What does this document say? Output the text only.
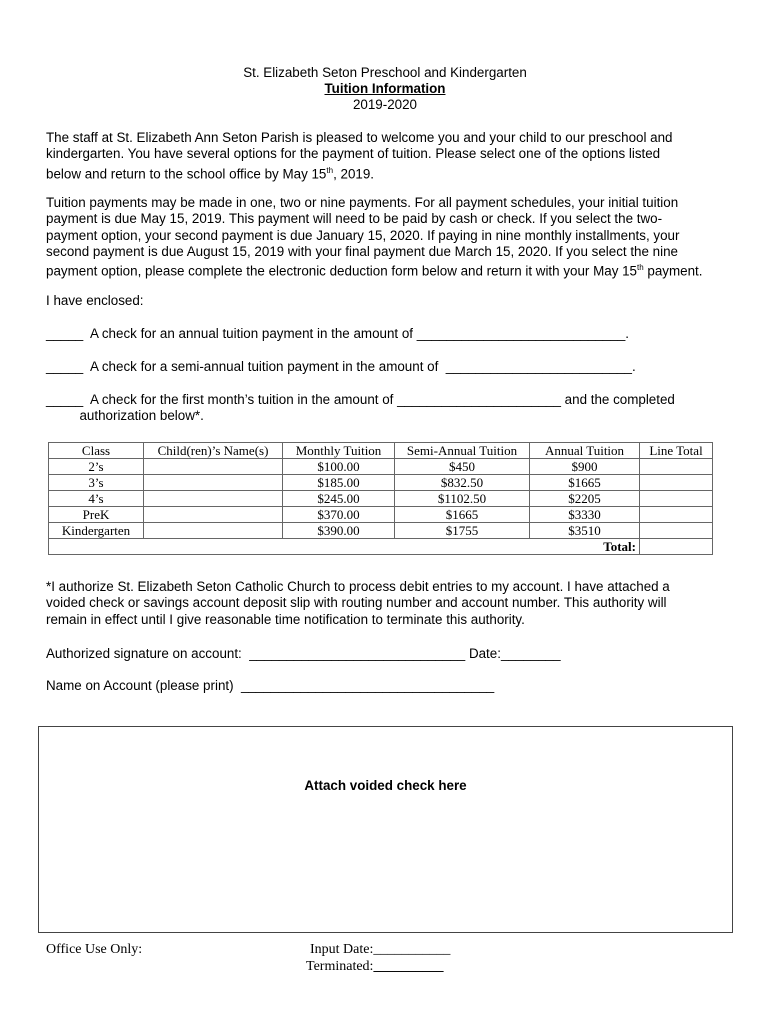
St. Elizabeth Seton Preschool and Kindergarten
Tuition Information
2019-2020
The staff at St. Elizabeth Ann Seton Parish is pleased to welcome you and your child to our preschool and
kindergarten. You have several options for the payment of tuition. Please select one of the options listed
below and return to the school office by May 15th, 2019.
Tuition payments may be made in one, two or nine payments. For all payment schedules, your initial tuition
payment is due May 15, 2019. This payment will need to be paid by cash or check. If you select the two-
payment option, your second payment is due January 15, 2020. If paying in nine monthly installments, your
second payment is due August 15, 2019 with your final payment due March 15, 2020. If you select the nine
payment option, please complete the electronic deduction form below and return it with your May 15th payment.
I have enclosed:
_____ A check for an annual tuition payment in the amount of ____________________________.
_____ A check for a semi-annual tuition payment in the amount of  _________________________.
_____ A check for the first month’s tuition in the amount of ______________________ and the completed
authorization below*.
Class	Child(ren)’s Name(s)	Monthly Tuition	Semi-Annual Tuition	Annual Tuition	Line Total
2’s		$100.00	$450	$900	
3’s		$185.00	$832.50	$1665	
4’s		$245.00	$1102.50	$2205	
PreK		$370.00	$1665	$3330	
Kindergarten		$390.00	$1755	$3510	
Total:					
*I authorize St. Elizabeth Seton Catholic Church to process debit entries to my account. I have attached a
voided check or savings account deposit slip with routing number and account number. This authority will
remain in effect until I give reasonable time notification to terminate this authority.
Authorized signature on account:  _____________________________ Date:________
Name on Account (please print)  __________________________________
Attach voided check here
Office Use Only:	Input Date:___________
Terminated:__________
